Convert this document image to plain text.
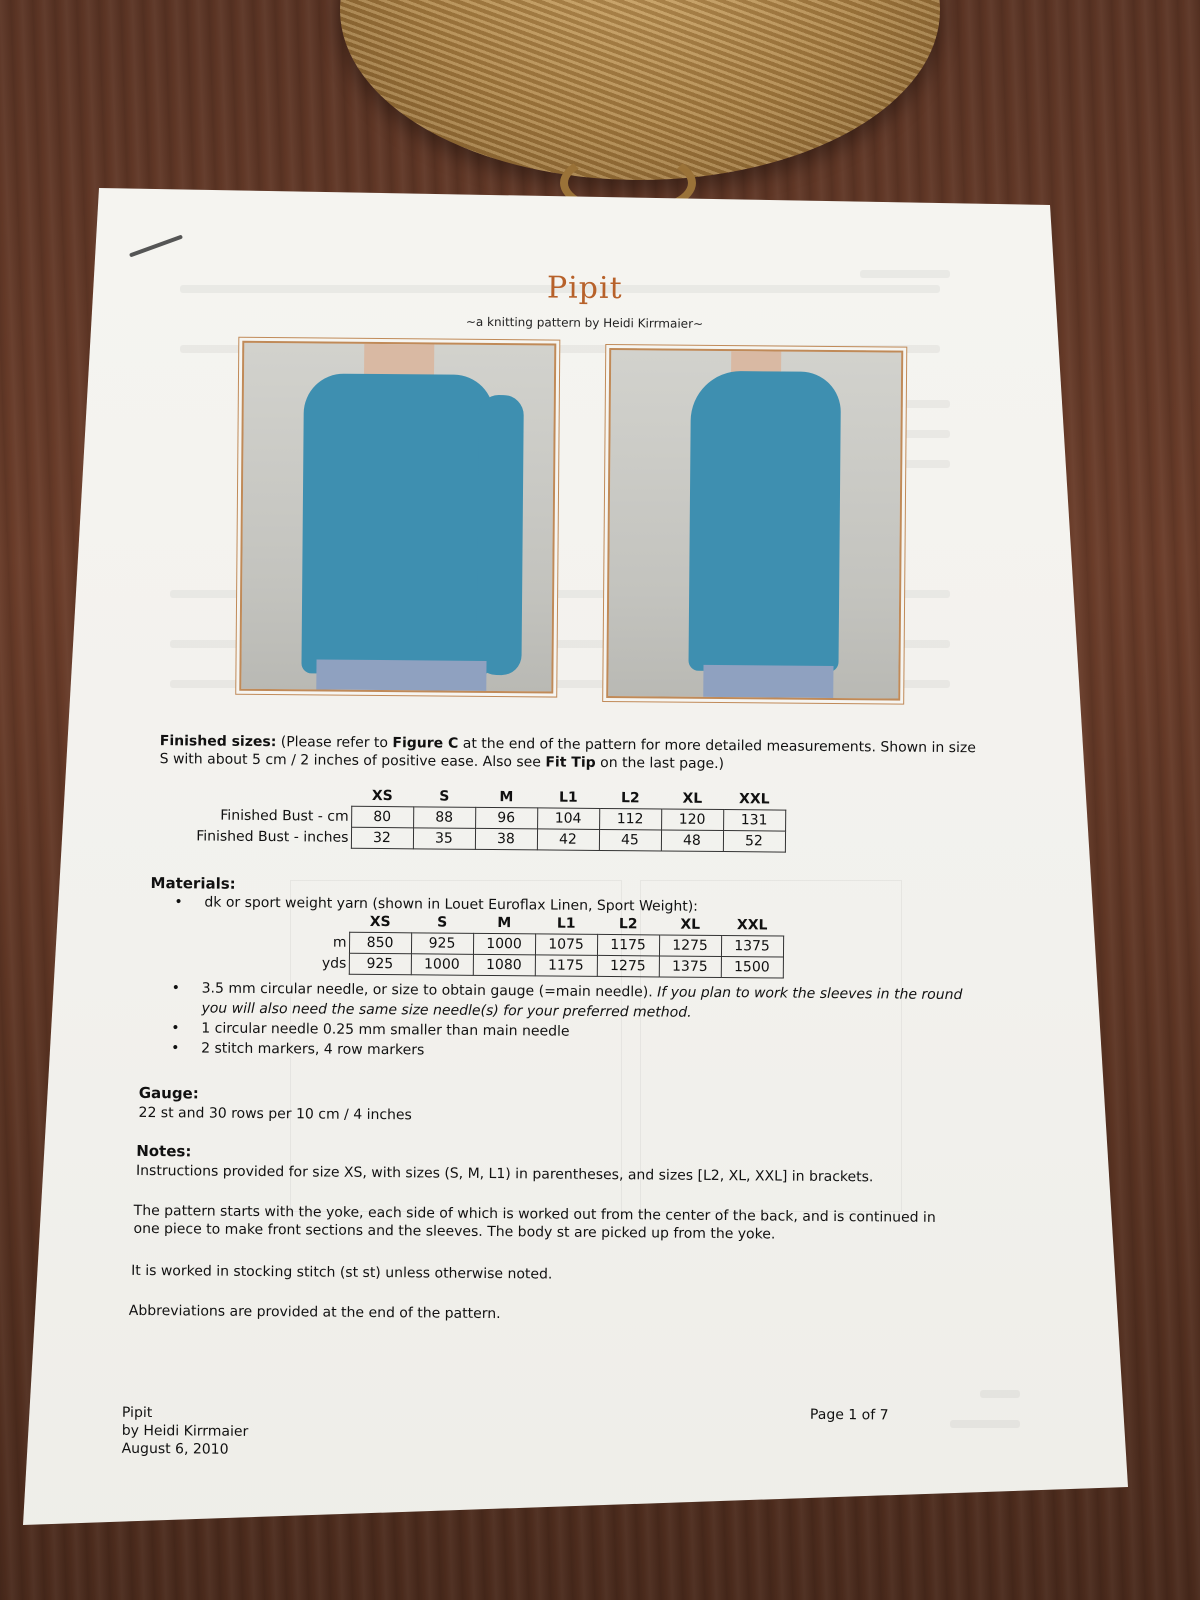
Pipit
~a knitting pattern by Heidi Kirrmaier~
Finished sizes: (Please refer to Figure C at the end of the pattern for more detailed measurements. Shown in size S with about 5 cm / 2 inches of positive ease. Also see Fit Tip on the last page.)
	XS	S	M	L1	L2	XL	XXL
Finished Bust - cm	80	88	96	104	112	120	131
Finished Bust - inches	32	35	38	42	45	48	52
Materials:
• dk or sport weight yarn (shown in Louet Euroflax Linen, Sport Weight):
	XS	S	M	L1	L2	XL	XXL
m	850	925	1000	1075	1175	1275	1375
yds	925	1000	1080	1175	1275	1375	1500
• 3.5 mm circular needle, or size to obtain gauge (=main needle). If you plan to work the sleeves in the round you will also need the same size needle(s) for your preferred method.
• 1 circular needle 0.25 mm smaller than main needle
• 2 stitch markers, 4 row markers
Gauge:
22 st and 30 rows per 10 cm / 4 inches
Notes:
Instructions provided for size XS, with sizes (S, M, L1) in parentheses, and sizes [L2, XL, XXL] in brackets.
The pattern starts with the yoke, each side of which is worked out from the center of the back, and is continued in one piece to make front sections and the sleeves. The body st are picked up from the yoke.
It is worked in stocking stitch (st st) unless otherwise noted.
Abbreviations are provided at the end of the pattern.
Pipit
by Heidi Kirrmaier
August 6, 2010
Page 1 of 7
